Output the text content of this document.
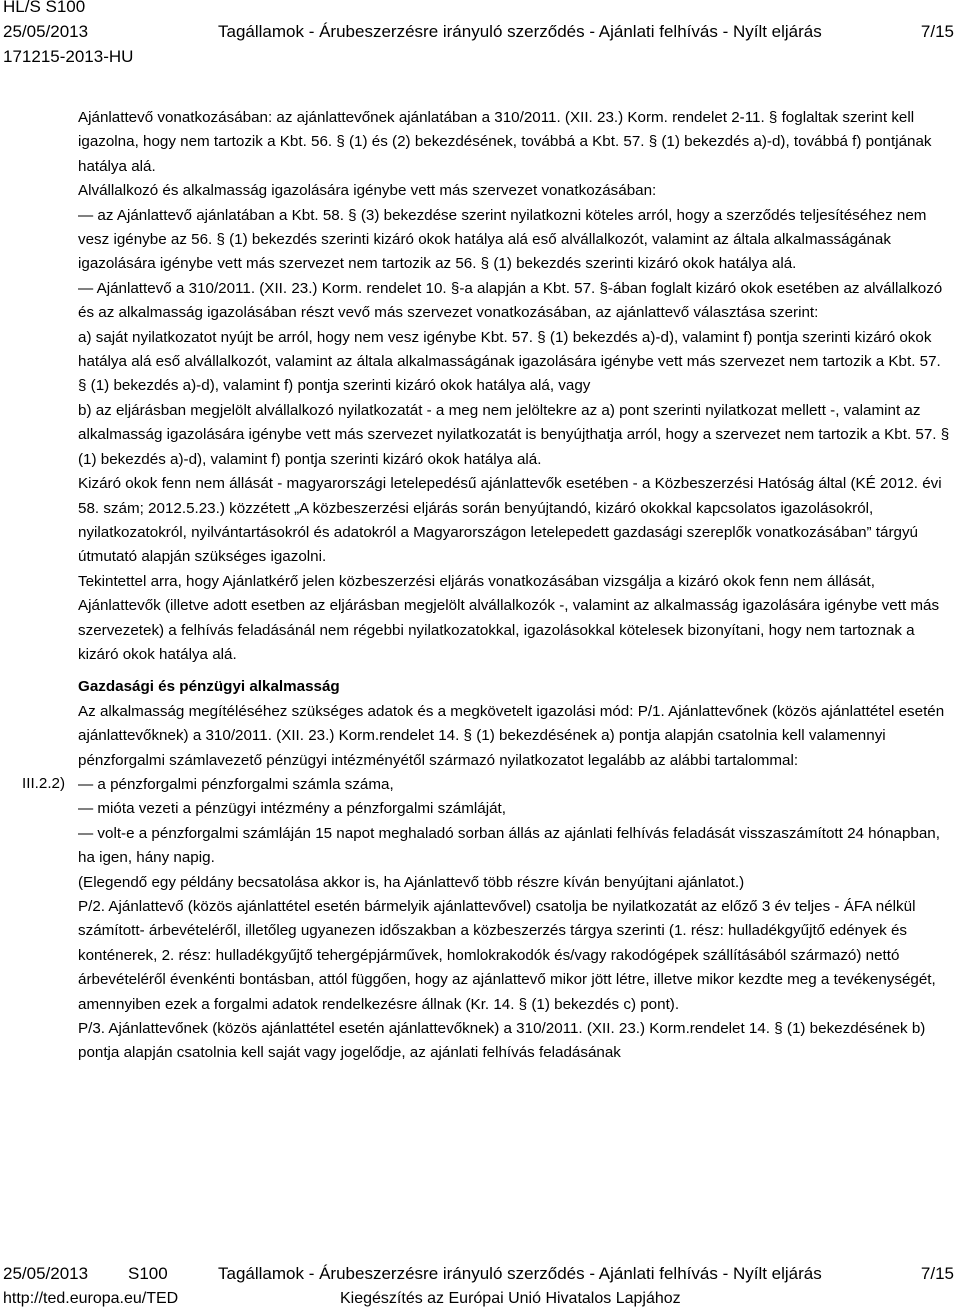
HL/S S100
25/05/2013	Tagállamok - Árubeszerzésre irányuló szerződés - Ajánlati felhívás - Nyílt eljárás	7/15
171215-2013-HU
III.2.2)

Ajánlattevő vonatkozásában: az ajánlattevőnek ajánlatában a 310/2011. (XII. 23.) Korm. rendelet 2-11. § foglaltak szerint kell igazolna, hogy nem tartozik a Kbt. 56. § (1) és (2) bekezdésének, továbbá a Kbt. 57. § (1) bekezdés a)-d), továbbá f) pontjának hatálya alá.

Alvállalkozó és alkalmasság igazolására igénybe vett más szervezet vonatkozásában:

— az Ajánlattevő ajánlatában a Kbt. 58. § (3) bekezdése szerint nyilatkozni köteles arról, hogy a szerződés teljesítéséhez nem vesz igénybe az 56. § (1) bekezdés szerinti kizáró okok hatálya alá eső alvállalkozót, valamint az általa alkalmasságának igazolására igénybe vett más szervezet nem tartozik az 56. § (1) bekezdés szerinti kizáró okok hatálya alá.

— Ajánlattevő a 310/2011. (XII. 23.) Korm. rendelet 10. §-a alapján a Kbt. 57. §-ában foglalt kizáró okok esetében az alvállalkozó és az alkalmasság igazolásában részt vevő más szervezet vonatkozásában, az ajánlattevő választása szerint:

a) saját nyilatkozatot nyújt be arról, hogy nem vesz igénybe Kbt. 57. § (1) bekezdés a)-d), valamint f) pontja szerinti kizáró okok hatálya alá eső alvállalkozót, valamint az általa alkalmasságának igazolására igénybe vett más szervezet nem tartozik a Kbt. 57. § (1) bekezdés a)-d), valamint f) pontja szerinti kizáró okok hatálya alá, vagy

b) az eljárásban megjelölt alvállalkozó nyilatkozatát - a meg nem jelöltekre az a) pont szerinti nyilatkozat mellett -, valamint az alkalmasság igazolására igénybe vett más szervezet nyilatkozatát is benyújthatja arról, hogy a szervezet nem tartozik a Kbt. 57. § (1) bekezdés a)-d), valamint f) pontja szerinti kizáró okok hatálya alá.

Kizáró okok fenn nem állását - magyarországi letelepedésű ajánlattevők esetében - a Közbeszerzési Hatóság által (KÉ 2012. évi 58. szám; 2012.5.23.) közzétett „A közbeszerzési eljárás során benyújtandó, kizáró okokkal kapcsolatos igazolásokról, nyilatkozatokról, nyilvántartásokról és adatokról a Magyarországon letelepedett gazdasági szereplők vonatkozásában” tárgyú útmutató alapján szükséges igazolni.

Tekintettel arra, hogy Ajánlatkérő jelen közbeszerzési eljárás vonatkozásában vizsgálja a kizáró okok fenn nem állását, Ajánlattevők (illetve adott esetben az eljárásban megjelölt alvállalkozók -, valamint az alkalmasság igazolására igénybe vett más szervezetek) a felhívás feladásánál nem régebbi nyilatkozatokkal, igazolásokkal kötelesek bizonyítani, hogy nem tartoznak a kizáró okok hatálya alá.

Gazdasági és pénzügyi alkalmasság

Az alkalmasság megítéléséhez szükséges adatok és a megkövetelt igazolási mód: P/1. Ajánlattevőnek (közös ajánlattétel esetén ajánlattevőknek) a 310/2011. (XII. 23.) Korm.rendelet 14. § (1) bekezdésének a) pontja alapján csatolnia kell valamennyi pénzforgalmi számlavezető pénzügyi intézményétől származó nyilatkozatot legalább az alábbi tartalommal:

— a pénzforgalmi pénzforgalmi számla száma,

— mióta vezeti a pénzügyi intézmény a pénzforgalmi számláját,

— volt-e a pénzforgalmi számláján 15 napot meghaladó sorban állás az ajánlati felhívás feladását visszaszámított 24 hónapban, ha igen, hány napig.

(Elegendő egy példány becsatolása akkor is, ha Ajánlattevő több részre kíván benyújtani ajánlatot.)

P/2. Ajánlattevő (közös ajánlattétel esetén bármelyik ajánlattevővel) csatolja be nyilatkozatát az előző 3 év teljes - ÁFA nélkül számított- árbevételéről, illetőleg ugyanezen időszakban a közbeszerzés tárgya szerinti (1. rész: hulladékgyűjtő edények és konténerek, 2. rész: hulladékgyűjtő tehergépjárművek, homlokrakodók és/vagy rakodógépek szállításából származó) nettó árbevételéről évenkénti bontásban, attól függően, hogy az ajánlattevő mikor jött létre, illetve mikor kezdte meg a tevékenységét, amennyiben ezek a forgalmi adatok rendelkezésre állnak (Kr. 14. § (1) bekezdés c) pont).

P/3. Ajánlattevőnek (közös ajánlattétel esetén ajánlattevőknek) a 310/2011. (XII. 23.) Korm.rendelet 14. § (1) bekezdésének b) pontja alapján csatolnia kell saját vagy jogelődje, az ajánlati felhívás feladásának

25/05/2013 S100	Tagállamok - Árubeszerzésre irányuló szerződés - Ajánlati felhívás - Nyílt eljárás	7/15
http://ted.europa.eu/TED	Kiegészítés az Európai Unió Hivatalos Lapjához
